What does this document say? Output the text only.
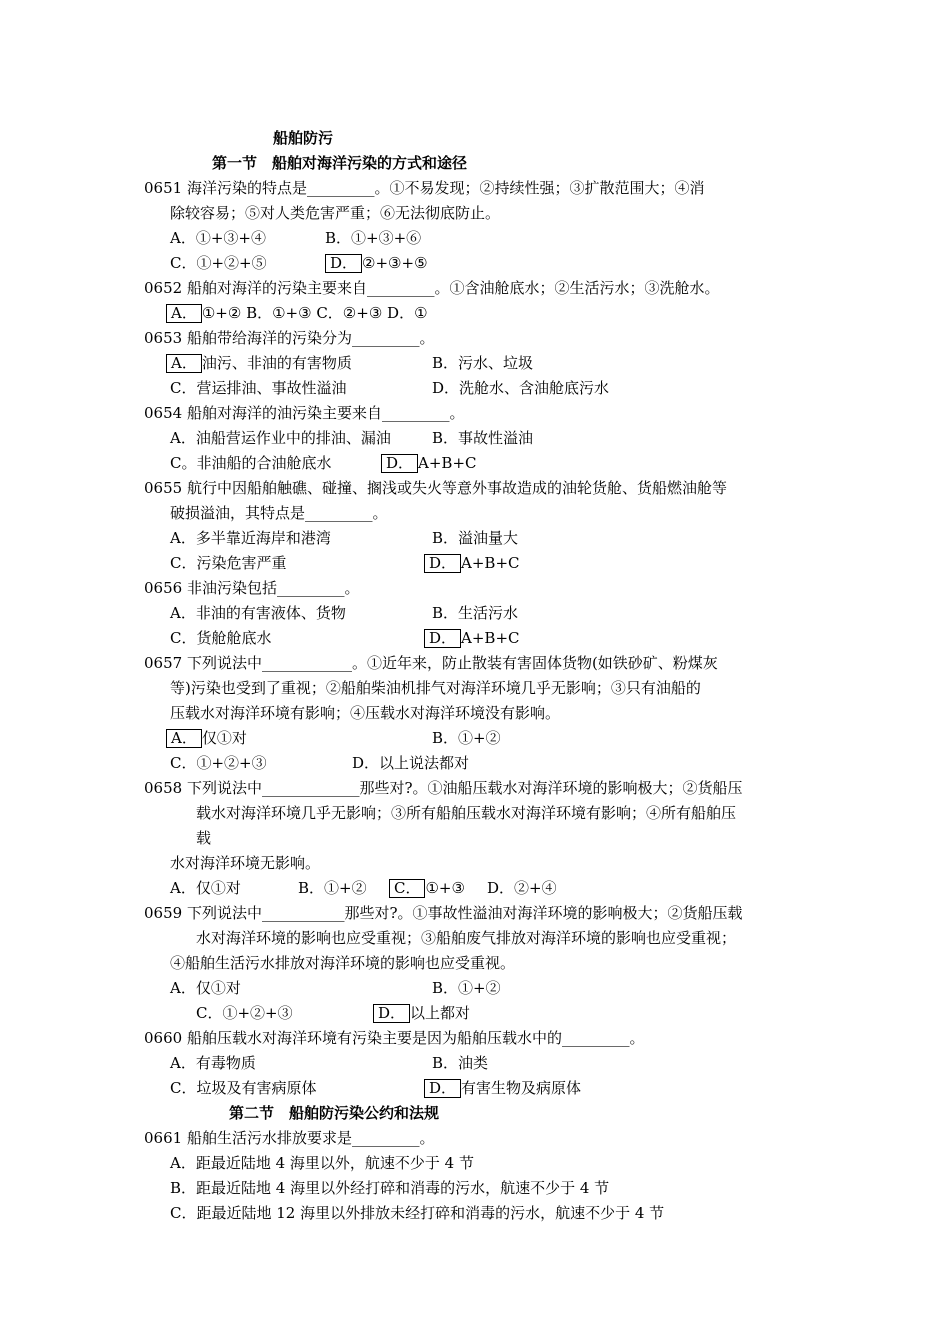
船舶防污
第一节　船舶对海洋污染的方式和途径
0651 海洋污染的特点是_________。①不易发现；②持续性强；③扩散范围大；④消
除较容易；⑤对人类危害严重；⑥无法彻底防止。
A．①+③+④	B．①+③+⑥
C．①+②+⑤	D． ②+③+⑤
0652 船舶对海洋的污染主要来自_________。①含油舱底水；②生活污水；③洗舱水。
A． ①+② B．①+③ C．②+③ D．①
0653 船舶带给海洋的污染分为_________。
A． 油污、非油的有害物质	B．污水、垃圾
C．营运排油、事故性溢油	D．洗舱水、含油舱底污水
0654 船舶对海洋的油污染主要来自_________。
A．油船营运作业中的排油、漏油	B．事故性溢油
C。非油船的合油舱底水	D． A+B+C
0655 航行中因船舶触礁、碰撞、搁浅或失火等意外事故造成的油轮货舱、货船燃油舱等
破损溢油，其特点是_________。
A．多半靠近海岸和港湾	B．溢油量大
C．污染危害严重	D． A+B+C
0656 非油污染包括_________。
A．非油的有害液体、货物	B．生活污水
C．货舱舱底水	D． A+B+C
0657 下列说法中____________。①近年来，防止散装有害固体货物(如铁砂矿、粉煤灰
等)污染也受到了重视；②船舶柴油机排气对海洋环境几乎无影响；③只有油船的
压载水对海洋环境有影响；④压载水对海洋环境没有影响。
A． 仅①对	B．①+②
C．①+②+③	D．以上说法都对
0658 下列说法中_____________那些对?。①油船压载水对海洋环境的影响极大；②货船压
载水对海洋环境几乎无影响；③所有船舶压载水对海洋环境有影响；④所有船舶压
载
水对海洋环境无影响。
A．仅①对	B．①+②	C． ①+③ D．②+④
0659 下列说法中___________那些对?。①事故性溢油对海洋环境的影响极大；②货船压载
水对海洋环境的影响也应受重视；③船舶废气排放对海洋环境的影响也应受重视；
④船舶生活污水排放对海洋环境的影响也应受重视。
A．仅①对	B．①+②
C．①+②+③	D． 以上都对
0660 船舶压载水对海洋环境有污染主要是因为船舶压载水中的_________。
A．有毒物质	B．油类
C．垃圾及有害病原体	D． 有害生物及病原体
第二节　船舶防污染公约和法规
0661 船舶生活污水排放要求是_________。
A．距最近陆地 4 海里以外，航速不少于 4 节
B．距最近陆地 4 海里以外经打碎和消毒的污水，航速不少于 4 节
C．距最近陆地 12 海里以外排放未经打碎和消毒的污水，航速不少于 4 节
